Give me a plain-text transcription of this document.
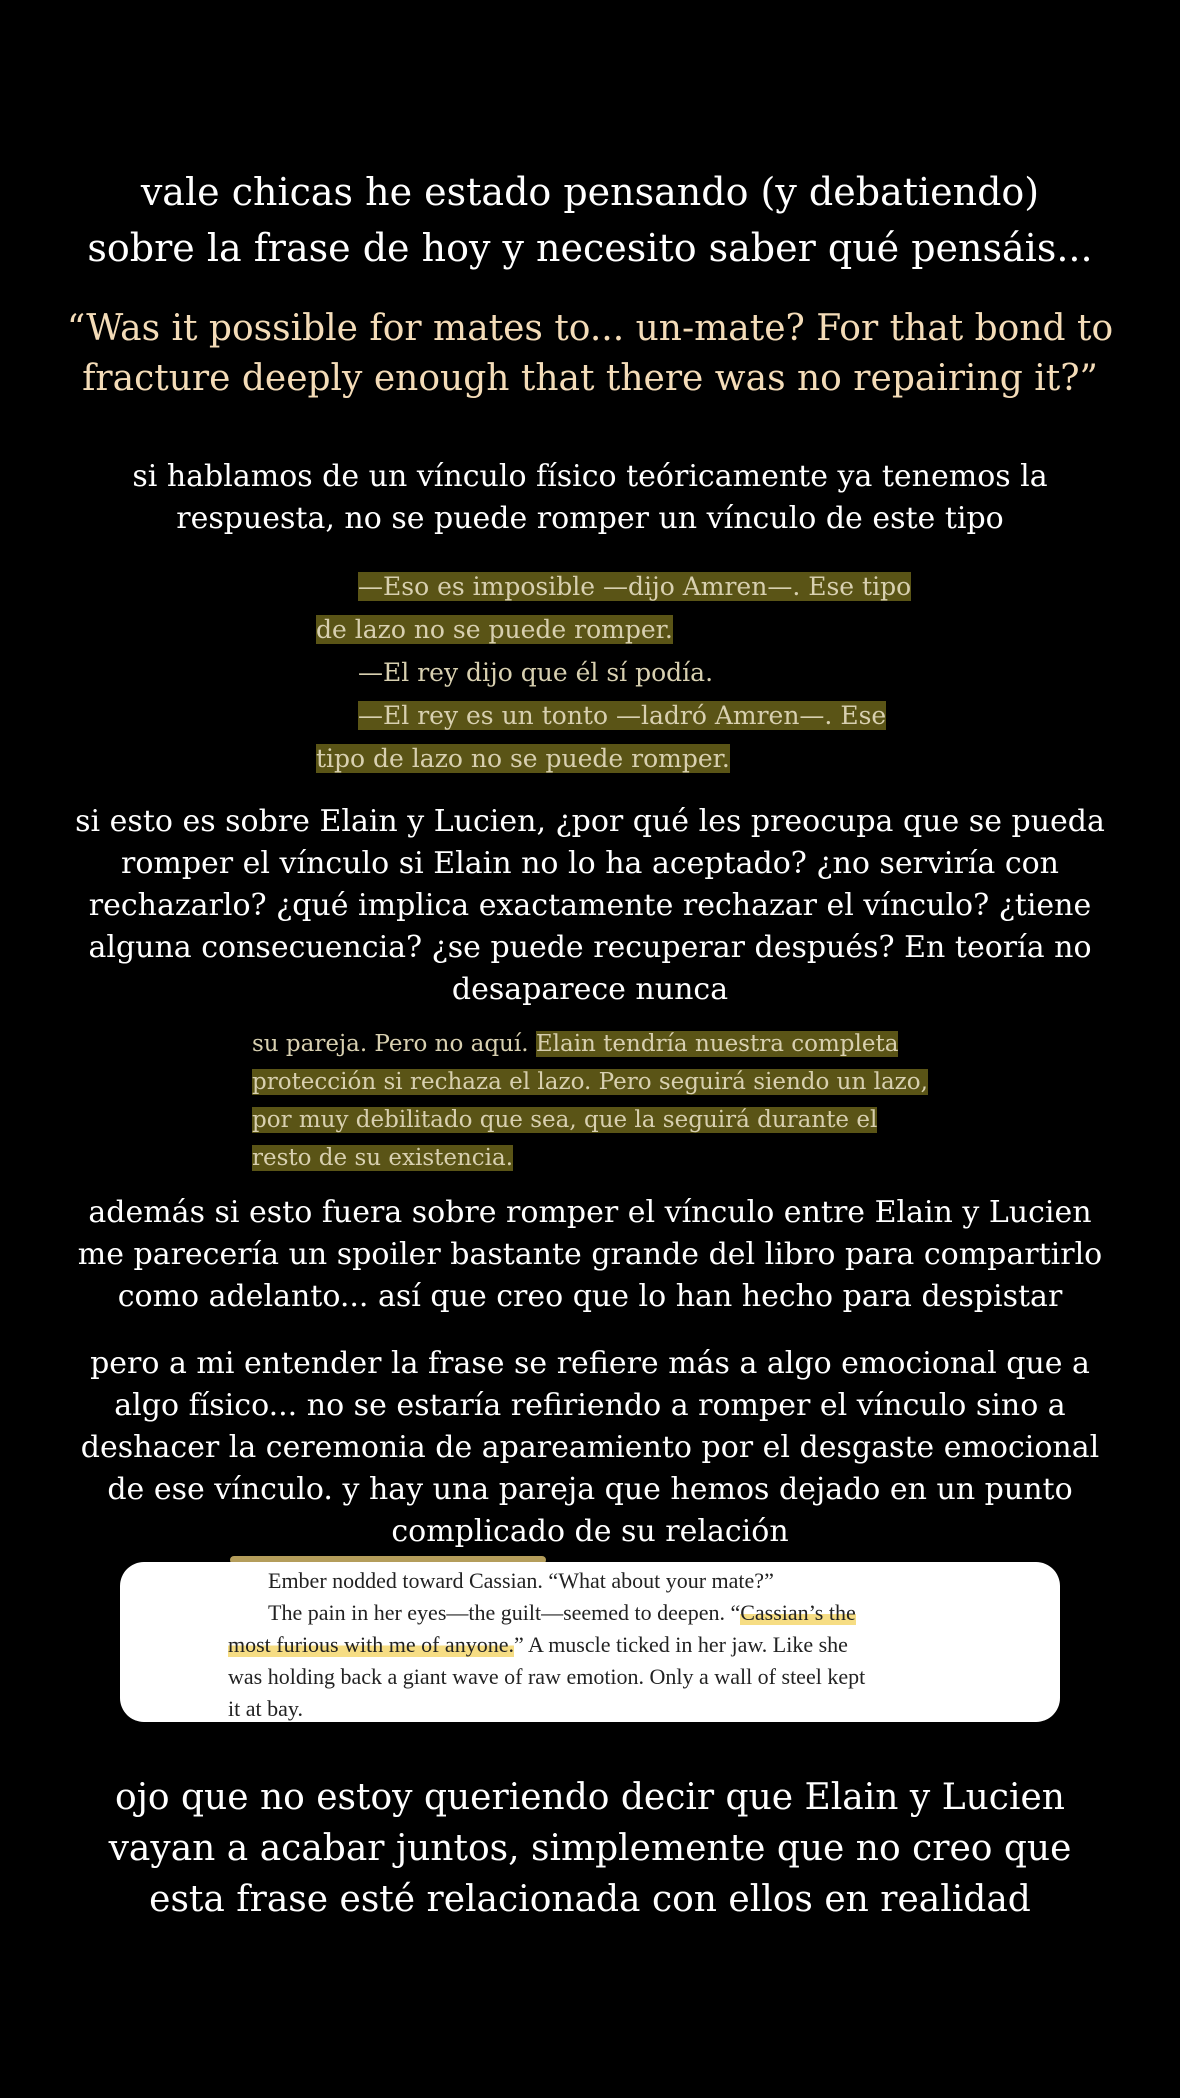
vale chicas he estado pensando (y debatiendo)
sobre la frase de hoy y necesito saber qué pensáis...
“Was it possible for mates to... un-mate? For that bond to
fracture deeply enough that there was no repairing it?”
si hablamos de un vínculo físico teóricamente ya tenemos la
respuesta, no se puede romper un vínculo de este tipo
—Eso es imposible —dijo Amren—. Ese tipo
de lazo no se puede romper.
—El rey dijo que él sí podía.
—El rey es un tonto —ladró Amren—. Ese
tipo de lazo no se puede romper.
si esto es sobre Elain y Lucien, ¿por qué les preocupa que se pueda
romper el vínculo si Elain no lo ha aceptado? ¿no serviría con
rechazarlo? ¿qué implica exactamente rechazar el vínculo? ¿tiene
alguna consecuencia? ¿se puede recuperar después? En teoría no
desaparece nunca
su pareja. Pero no aquí. Elain tendría nuestra completa
protección si rechaza el lazo. Pero seguirá siendo un lazo,
por muy debilitado que sea, que la seguirá durante el
resto de su existencia.
además si esto fuera sobre romper el vínculo entre Elain y Lucien
me parecería un spoiler bastante grande del libro para compartirlo
como adelanto... así que creo que lo han hecho para despistar
pero a mi entender la frase se refiere más a algo emocional que a
algo físico... no se estaría refiriendo a romper el vínculo sino a
deshacer la ceremonia de apareamiento por el desgaste emocional
de ese vínculo. y hay una pareja que hemos dejado en un punto
complicado de su relación
Ember nodded toward Cassian. “What about your mate?”
The pain in her eyes—the guilt—seemed to deepen. “Cassian’s the
most furious with me of anyone.” A muscle ticked in her jaw. Like she
was holding back a giant wave of raw emotion. Only a wall of steel kept
it at bay.
ojo que no estoy queriendo decir que Elain y Lucien
vayan a acabar juntos, simplemente que no creo que
esta frase esté relacionada con ellos en realidad
